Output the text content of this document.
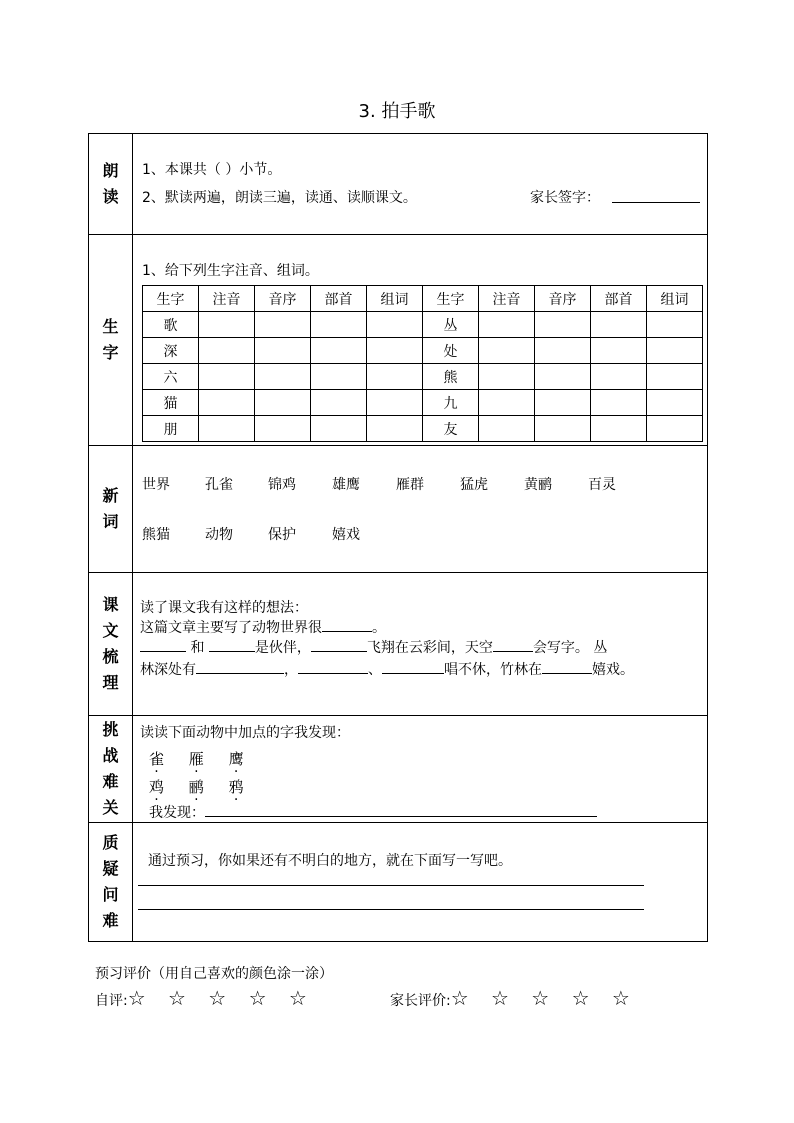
3. 拍手歌
朗
读
1、本课共（ ）小节。
2、默读两遍，朗读三遍，读通、读顺课文。	家长签字：
生
字
1、给下列生字注音、组词。
生字	注音	音序	部首	组词	生字	注音	音序	部首	组词
歌					丛				
深					处				
六					熊				
猫					九				
朋					友				
新
词
世界	孔雀	锦鸡	雄鹰	雁群	猛虎	黄鹂	百灵
熊猫	动物	保护	嬉戏
课
文
梳
理
读了课文我有这样的想法：
这篇文章主要写了动物世界很	。
和	是伙伴，	飞翔在云彩间，天空	会写字。 丛
林深处有	，	、	唱不休，竹林在	嬉戏。
挑
战
难
关
读读下面动物中加点的字我发现：
雀 雁 鹰
鸡 鹂 鸦
我发现：
质
疑
问
难
通过预习，你如果还有不明白的地方，就在下面写一写吧。
预习评价（用自己喜欢的颜色涂一涂）
自评:☆ ☆ ☆ ☆ ☆	家长评价:☆ ☆ ☆ ☆ ☆
